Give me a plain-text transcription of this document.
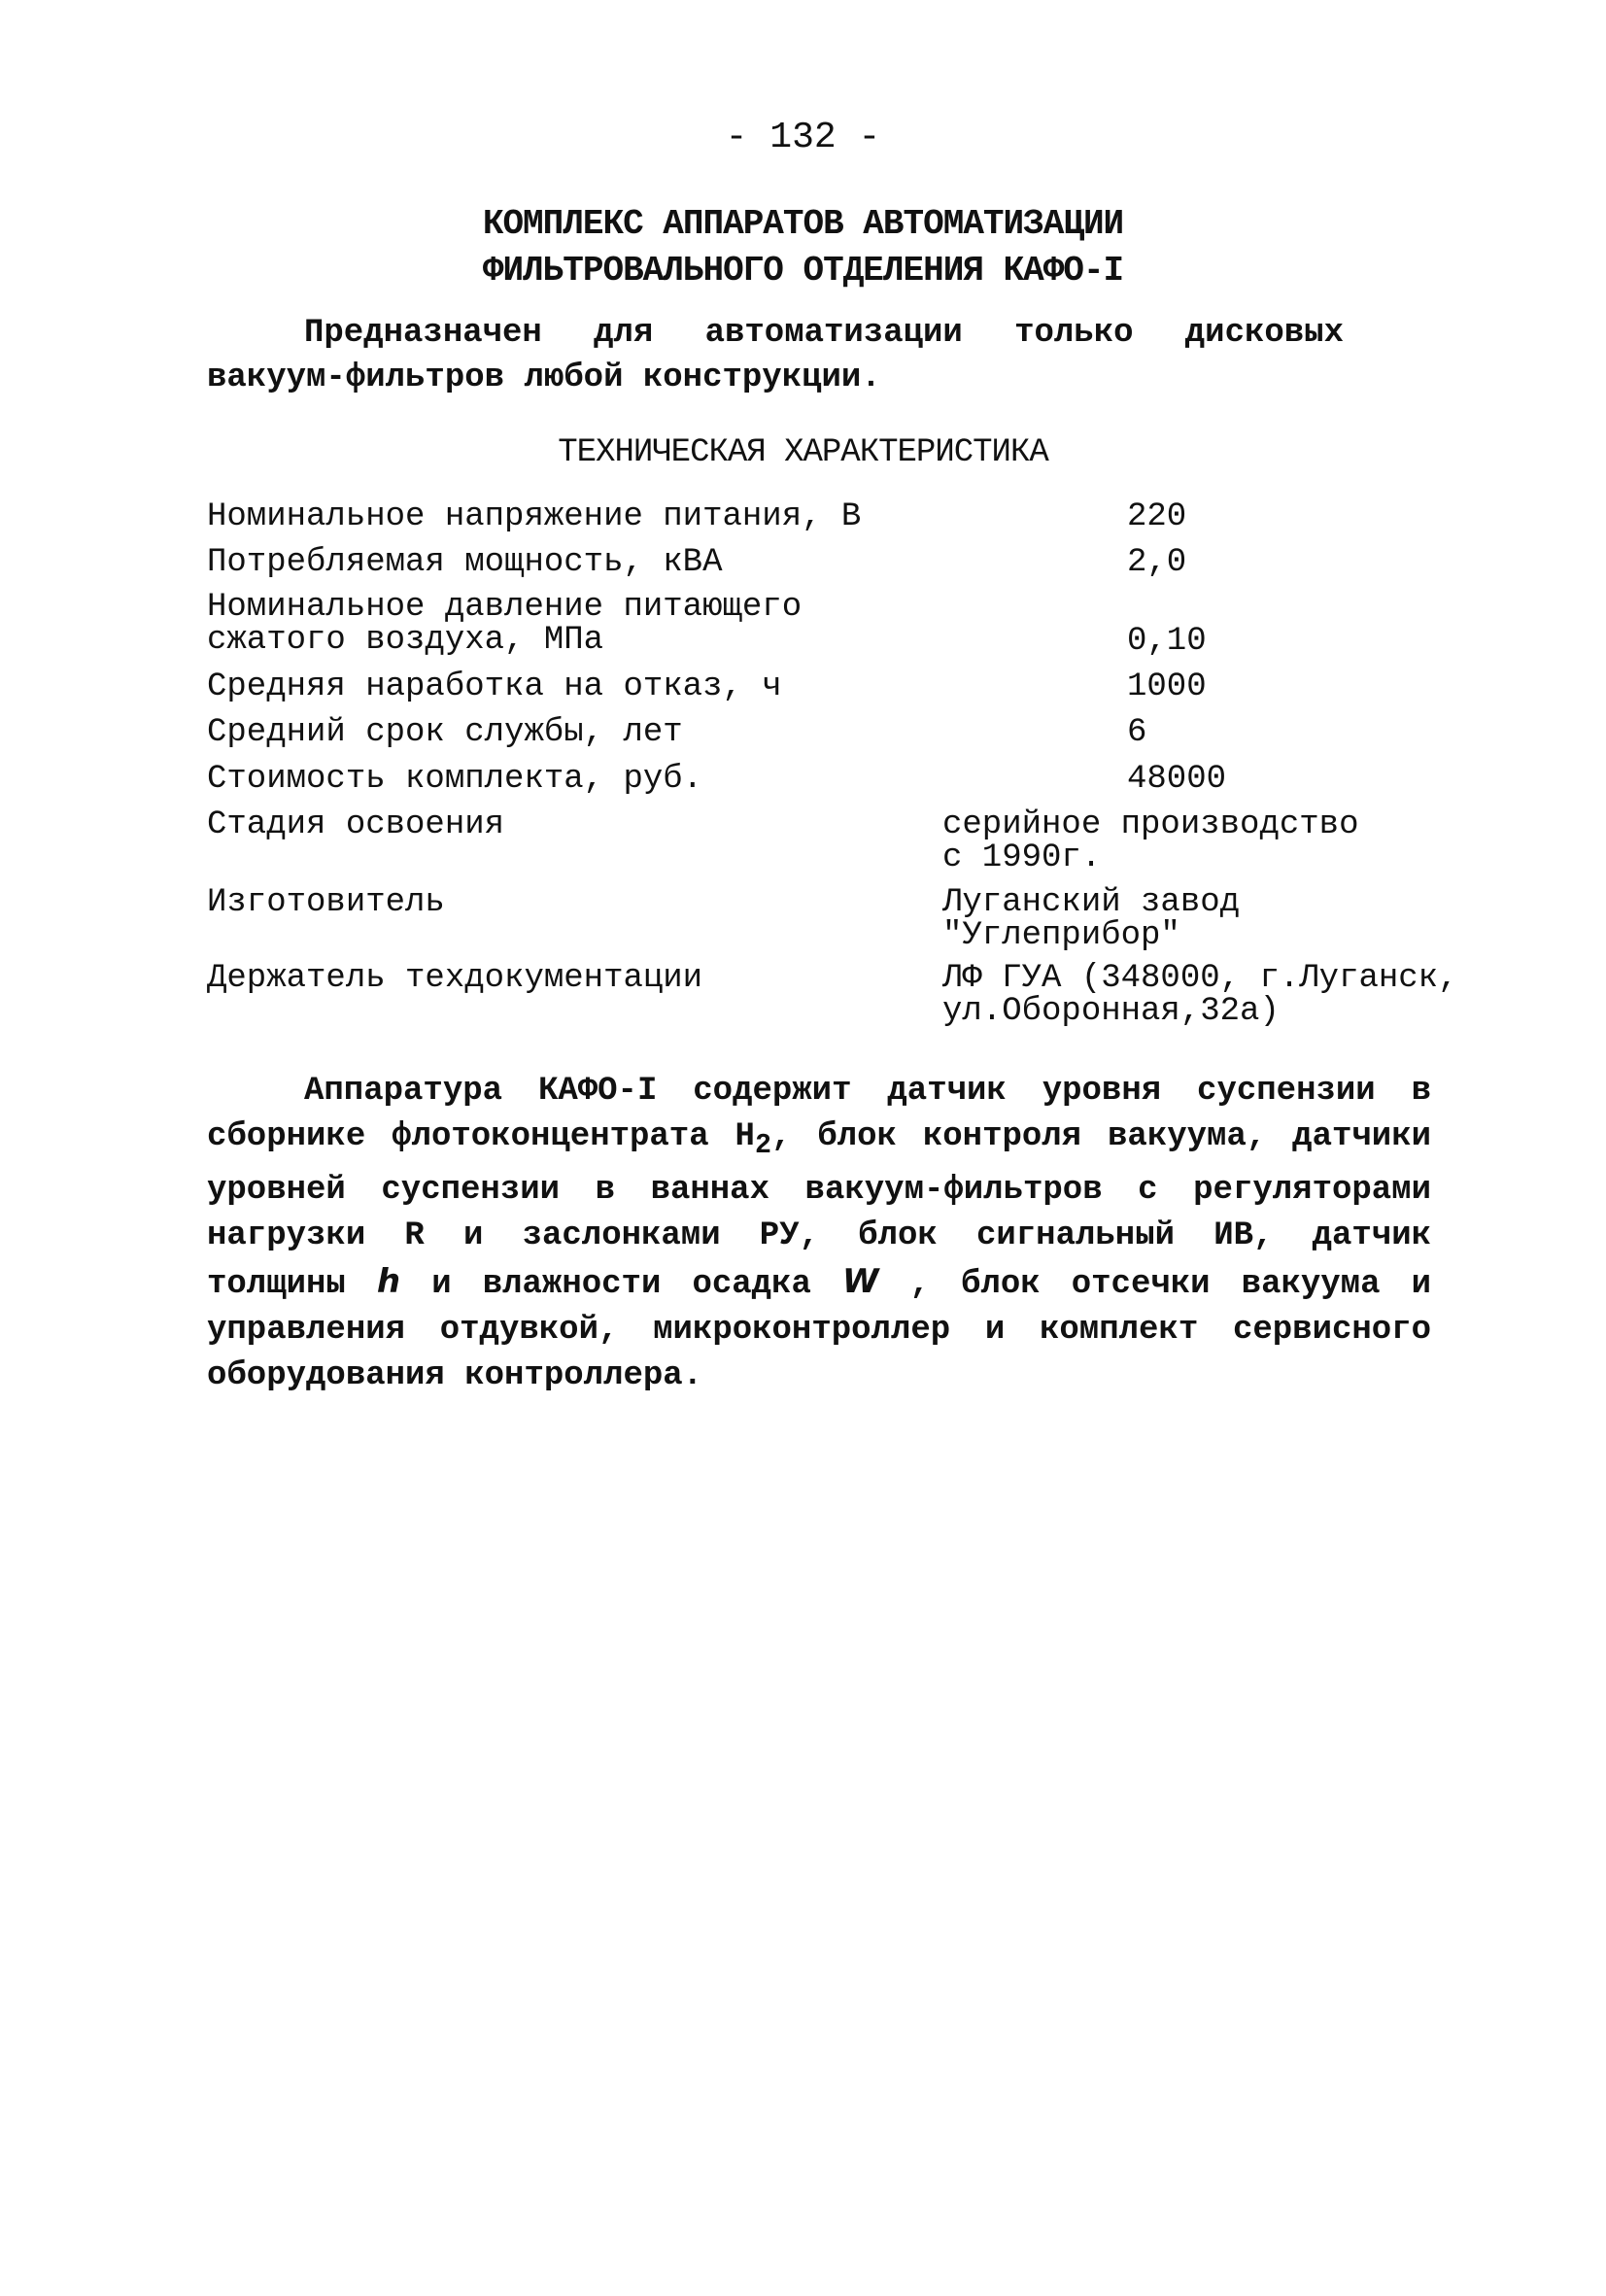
- 132 -
КОМПЛЕКС АППАРАТОВ АВТОМАТИЗАЦИИ
ФИЛЬТРОВАЛЬНОГО ОТДЕЛЕНИЯ КАФО-I

Предназначен для автоматизации только дисковых вакуум-фильтров любой конструкции.

ТЕХНИЧЕСКАЯ ХАРАКТЕРИСТИКА
Номинальное напряжение питания, В	220
Потребляемая мощность, кВА	2,0
Номинальное давление питающего
сжатого воздуха, МПа	0,10
Средняя наработка на отказ, ч	1000
Средний срок службы, лет	6
Стоимость комплекта, руб.	48000
Стадия освоения	серийное производство
с 1990г.
Изготовитель	Луганский завод
"Углеприбор"
Держатель техдокументации	ЛФ ГУА (348000, г.Луганск,
ул.Оборонная,32а)

Аппаратура КАФО-I содержит датчик уровня суспензии в сборнике флотоконцентрата $Н_2$, блок контроля вакуума, датчики уровней суспензии в ваннах вакуум-фильтров с регуляторами нагрузки R и заслонками РУ, блок сигнальный ИВ, датчик толщины h и влажности осадка W , блок отсечки вакуума и управления отдувкой, микроконтроллер и комплект сервисного оборудования контроллера.
